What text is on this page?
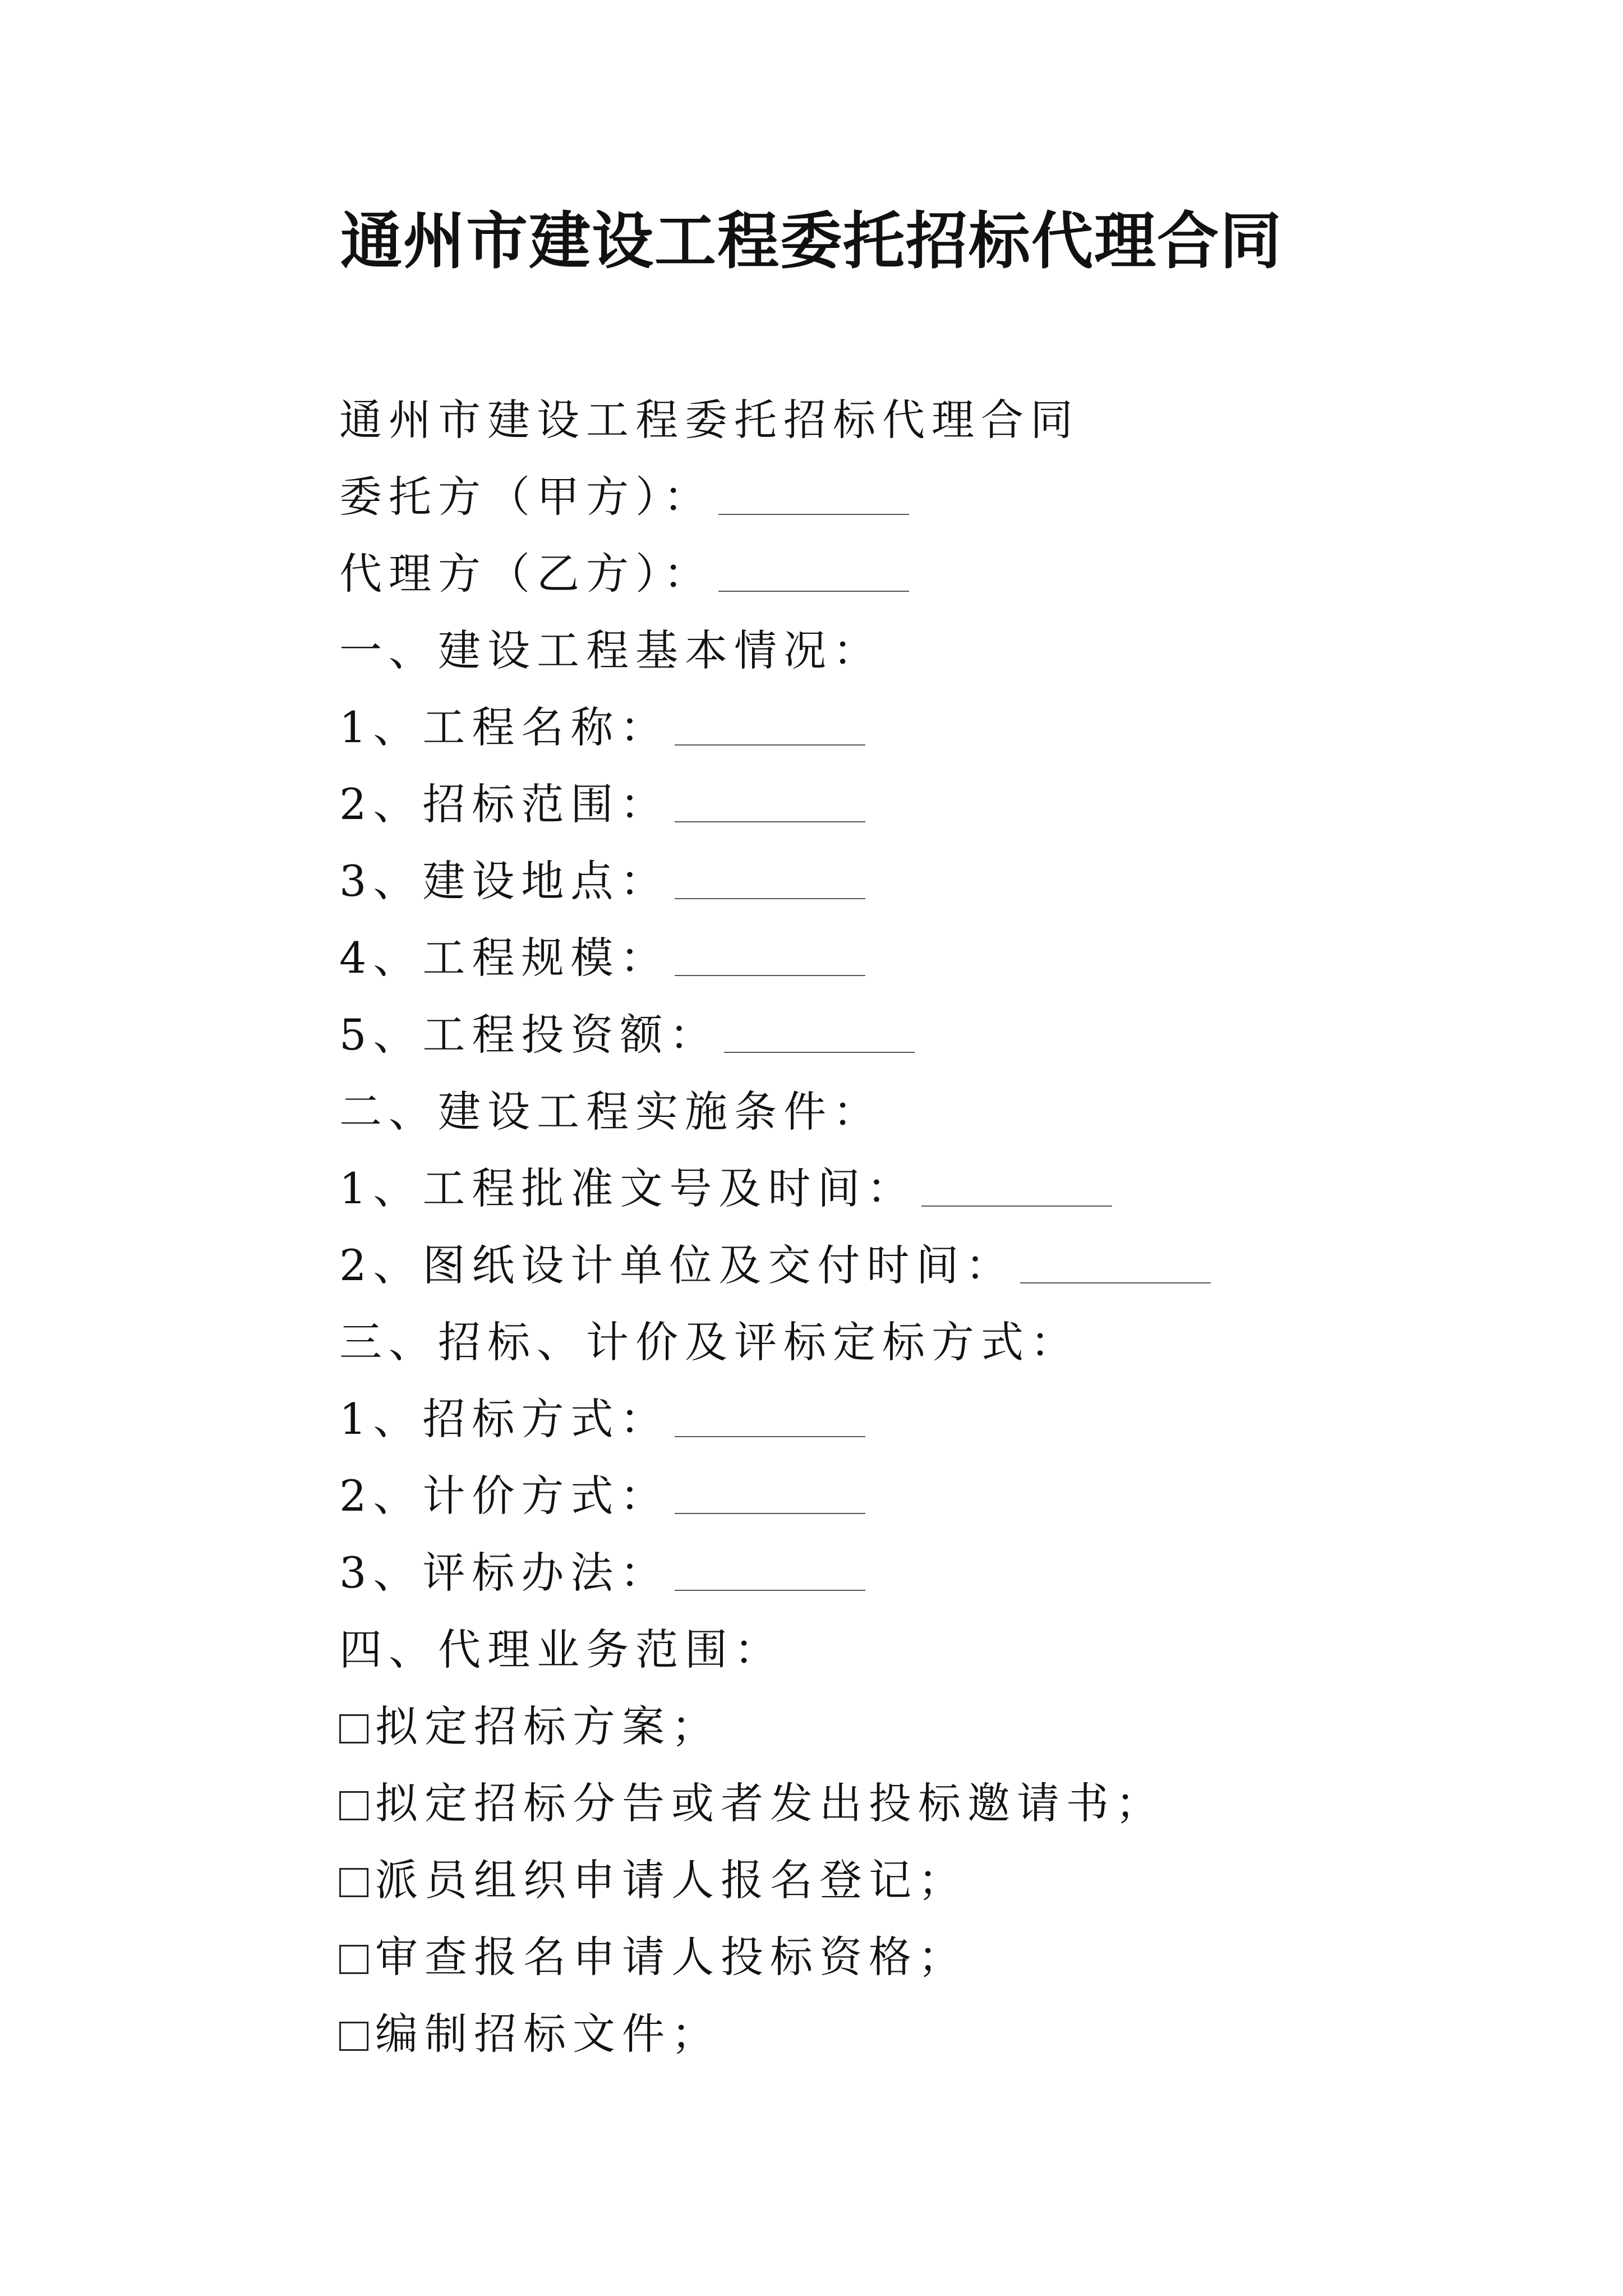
通州市建设工程委托招标代理合同
通州市建设工程委托招标代理合同
委托方（甲方）：
代理方（乙方）：
一、建设工程基本情况：
1、工程名称：
2、招标范围：
3、建设地点：
4、工程规模：
5、工程投资额：
二、建设工程实施条件：
1、工程批准文号及时间：
2、图纸设计单位及交付时间：
三、招标、计价及评标定标方式：
1、招标方式：
2、计价方式：
3、评标办法：
四、代理业务范围：
拟定招标方案；
拟定招标分告或者发出投标邀请书；
派员组织申请人报名登记；
审查报名申请人投标资格；
编制招标文件；
